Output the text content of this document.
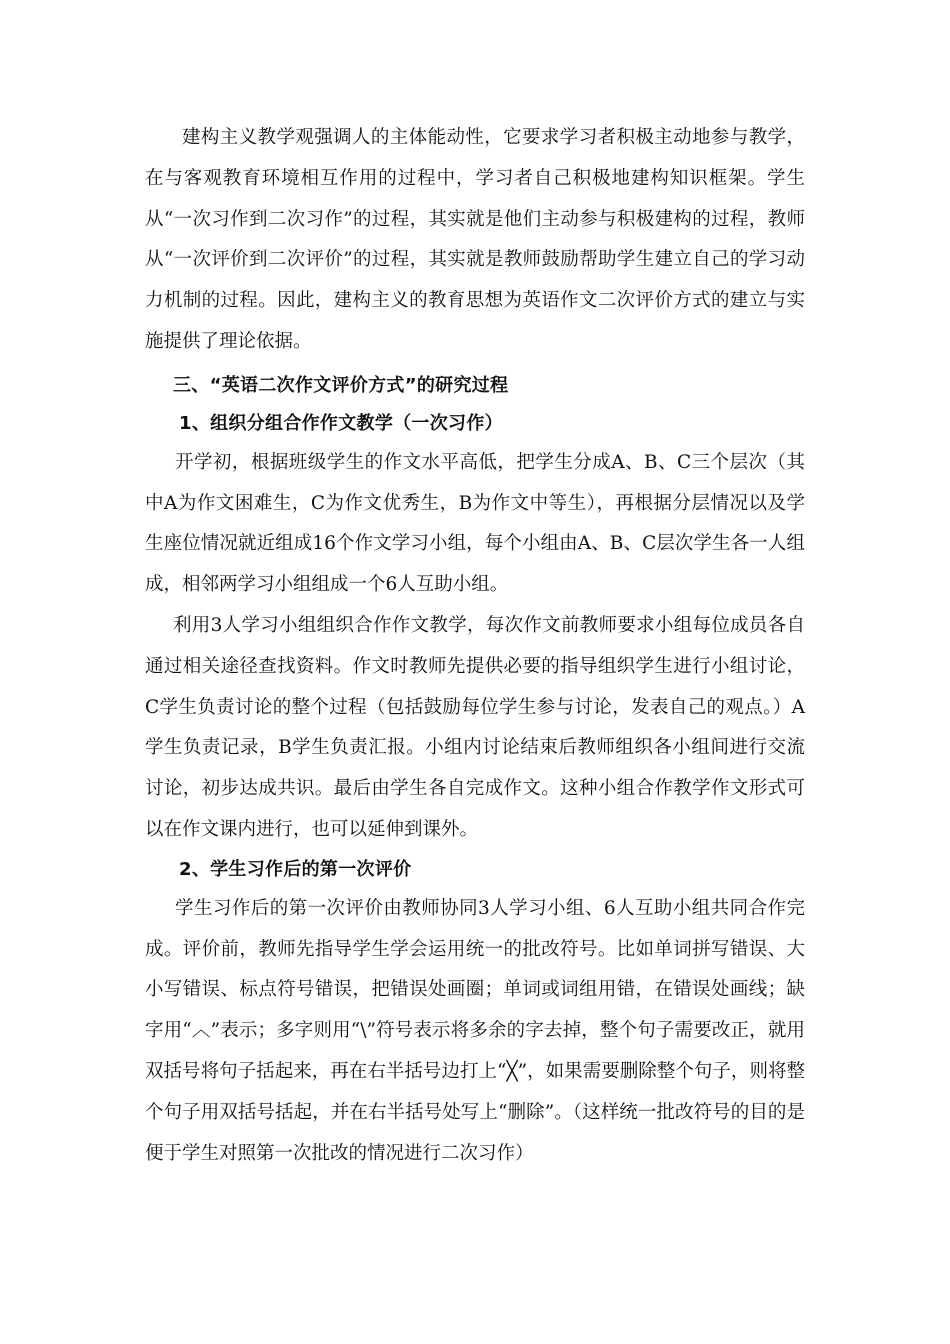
建构主义教学观强调人的主体能动性，它要求学习者积极主动地参与教学，在与客观教育环境相互作用的过程中，学习者自己积极地建构知识框架。学生从“一次习作到二次习作”的过程，其实就是他们主动参与积极建构的过程，教师从“一次评价到二次评价”的过程，其实就是教师鼓励帮助学生建立自己的学习动力机制的过程。因此，建构主义的教育思想为英语作文二次评价方式的建立与实施提供了理论依据。

三、“英语二次作文评价方式”的研究过程

1、组织分组合作作文教学（一次习作）

开学初，根据班级学生的作文水平高低，把学生分成A、B、C三个层次（其中A为作文困难生，C为作文优秀生，B为作文中等生），再根据分层情况以及学生座位情况就近组成16个作文学习小组，每个小组由A、B、C层次学生各一人组成，相邻两学习小组组成一个6人互助小组。

利用3人学习小组组织合作作文教学，每次作文前教师要求小组每位成员各自通过相关途径查找资料。作文时教师先提供必要的指导组织学生进行小组讨论，C学生负责讨论的整个过程（包括鼓励每位学生参与讨论，发表自己的观点。）A学生负责记录，B学生负责汇报。小组内讨论结束后教师组织各小组间进行交流讨论，初步达成共识。最后由学生各自完成作文。这种小组合作教学作文形式可以在作文课内进行，也可以延伸到课外。

2、学生习作后的第一次评价

学生习作后的第一次评价由教师协同3人学习小组、6人互助小组共同合作完成。评价前，教师先指导学生学会运用统一的批改符号。比如单词拼写错误、大小写错误、标点符号错误，把错误处画圈；单词或词组用错，在错误处画线；缺字用“︿”表示；多字则用“\”符号表示将多余的字去掉，整个句子需要改正，就用双括号将句子括起来，再在右半括号边打上“╳”，如果需要删除整个句子，则将整个句子用双括号括起，并在右半括号处写上“删除”。（这样统一批改符号的目的是便于学生对照第一次批改的情况进行二次习作）
